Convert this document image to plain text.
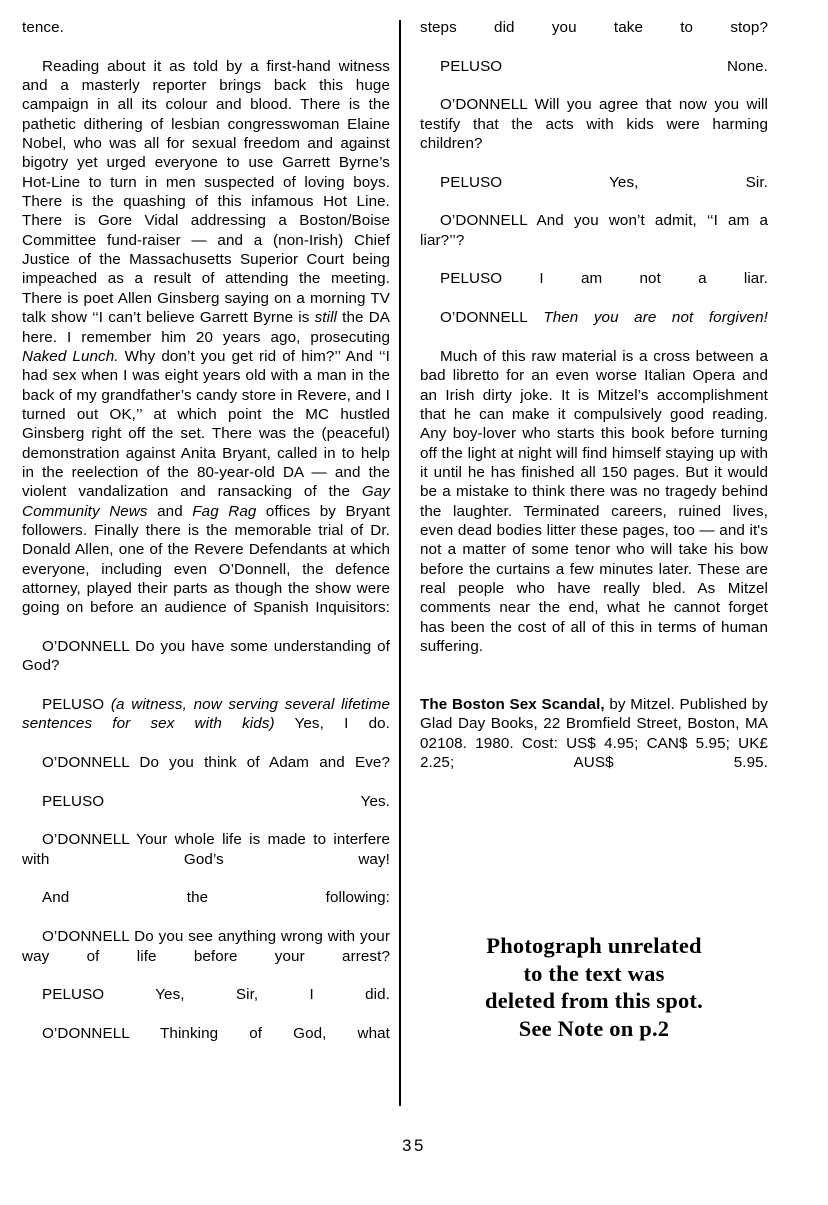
tence.

Reading about it as told by a first-hand witness and a masterly reporter brings back this huge campaign in all its colour and blood. There is the pathetic dithering of lesbian congresswoman Elaine Nobel, who was all for sexual freedom and against bigotry yet urged everyone to use Garrett Byrne’s Hot-Line to turn in men suspected of loving boys. There is the quashing of this infamous Hot Line. There is Gore Vidal addressing a Boston/Boise Committee fund-raiser — and a (non-Irish) Chief Justice of the Massachusetts Superior Court being impeached as a result of attending the meeting. There is poet Allen Ginsberg saying on a morning TV talk show ‘‘I can’t believe Garrett Byrne is still the DA here. I remember him 20 years ago, prosecuting Naked Lunch. Why don’t you get rid of him?’’ And ‘‘I had sex when I was eight years old with a man in the back of my grandfather’s candy store in Revere, and I turned out OK,’’ at which point the MC hustled Ginsberg right off the set. There was the (peaceful) demonstration against Anita Bryant, called in to help in the reelection of the 80-year-old DA — and the violent vandalization and ransacking of the Gay Community News and Fag Rag offices by Bryant followers. Finally there is the memorable trial of Dr. Donald Allen, one of the Revere Defendants at which everyone, including even O’Donnell, the defence attorney, played their parts as though the show were going on before an audience of Spanish Inquisitors:

O’DONNELL Do you have some understanding of God?

PELUSO (a witness, now serving several lifetime sentences for sex with kids) Yes, I do.

O’DONNELL Do you think of Adam and Eve?

PELUSO Yes.

O’DONNELL Your whole life is made to interfere with God’s way!

And the following:

O’DONNELL Do you see anything wrong with your way of life before your arrest?

PELUSO Yes, Sir, I did.

O’DONNELL Thinking of God, what

steps did you take to stop?

PELUSO None.

O’DONNELL Will you agree that now you will testify that the acts with kids were harming children?

PELUSO Yes, Sir.

O’DONNELL And you won’t admit, ‘‘I am a liar?’’?

PELUSO I am not a liar.

O’DONNELL Then you are not forgiven!

Much of this raw material is a cross between a bad libretto for an even worse Italian Opera and an Irish dirty joke. It is Mitzel’s accomplishment that he can make it compulsively good reading. Any boy-lover who starts this book before turning off the light at night will find himself staying up with it until he has finished all 150 pages. But it would be a mistake to think there was no tragedy behind the laughter. Terminated careers, ruined lives, even dead bodies litter these pages, too — and it's not a matter of some tenor who will take his bow before the curtains a few minutes later. These are real people who have really bled. As Mitzel comments near the end, what he cannot forget has been the cost of all of this in terms of human suffering.

The Boston Sex Scandal, by Mitzel. Published by Glad Day Books, 22 Bromfield Street, Boston, MA 02108. 1980. Cost: US$ 4.95; CAN$ 5.95; UK£ 2.25; AUS$ 5.95.

Photograph unrelated
to the text was
deleted from this spot.
See Note on p.2
35
